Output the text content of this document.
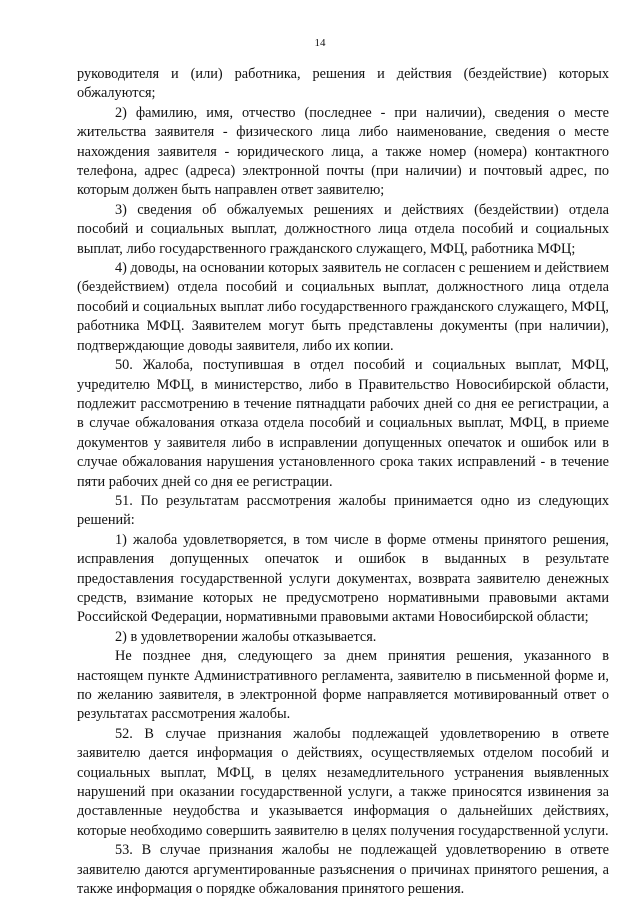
14

руководителя и (или) работника, решения и действия (бездействие) которых обжалуются;

2) фамилию, имя, отчество (последнее - при наличии), сведения о месте жительства заявителя - физического лица либо наименование, сведения о месте нахождения заявителя - юридического лица, а также номер (номера) контактного телефона, адрес (адреса) электронной почты (при наличии) и почтовый адрес, по которым должен быть направлен ответ заявителю;

3) сведения об обжалуемых решениях и действиях (бездействии) отдела пособий и социальных выплат, должностного лица отдела пособий и социальных выплат, либо государственного гражданского служащего, МФЦ, работника МФЦ;

4) доводы, на основании которых заявитель не согласен с решением и действием (бездействием) отдела пособий и социальных выплат, должностного лица отдела пособий и социальных выплат либо государственного гражданского служащего, МФЦ, работника МФЦ. Заявителем могут быть представлены документы (при наличии), подтверждающие доводы заявителя, либо их копии.

50. Жалоба, поступившая в отдел пособий и социальных выплат, МФЦ, учредителю МФЦ, в министерство, либо в Правительство Новосибирской области, подлежит рассмотрению в течение пятнадцати рабочих дней со дня ее регистрации, а в случае обжалования отказа отдела пособий и социальных выплат, МФЦ, в приеме документов у заявителя либо в исправлении допущенных опечаток и ошибок или в случае обжалования нарушения установленного срока таких исправлений - в течение пяти рабочих дней со дня ее регистрации.

51. По результатам рассмотрения жалобы принимается одно из следующих решений:

1) жалоба удовлетворяется, в том числе в форме отмены принятого решения, исправления допущенных опечаток и ошибок в выданных в результате предоставления государственной услуги документах, возврата заявителю денежных средств, взимание которых не предусмотрено нормативными правовыми актами Российской Федерации, нормативными правовыми актами Новосибирской области;

2) в удовлетворении жалобы отказывается.

Не позднее дня, следующего за днем принятия решения, указанного в настоящем пункте Административного регламента, заявителю в письменной форме и, по желанию заявителя, в электронной форме направляется мотивированный ответ о результатах рассмотрения жалобы.

52. В случае признания жалобы подлежащей удовлетворению в ответе заявителю дается информация о действиях, осуществляемых отделом пособий и социальных выплат, МФЦ, в целях незамедлительного устранения выявленных нарушений при оказании государственной услуги, а также приносятся извинения за доставленные неудобства и указывается информация о дальнейших действиях, которые необходимо совершить заявителю в целях получения государственной услуги.

53. В случае признания жалобы не подлежащей удовлетворению в ответе заявителю даются аргументированные разъяснения о причинах принятого решения, а также информация о порядке обжалования принятого решения.
